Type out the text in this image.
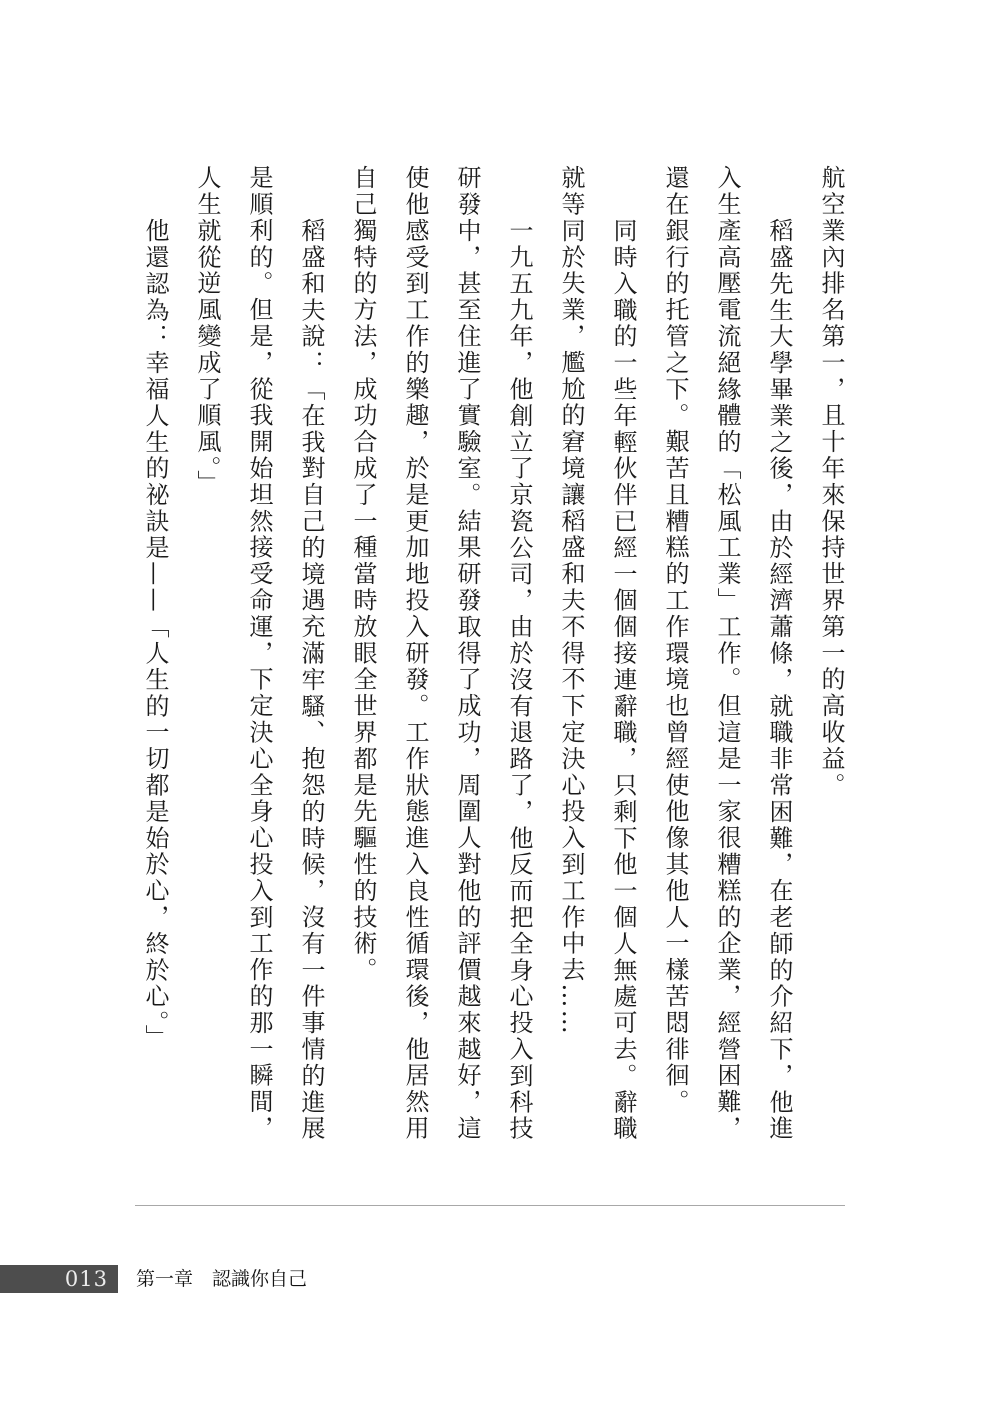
航空業內排名第一，且十年來保持世界第一的高收益。
稻盛先生大學畢業之後，由於經濟蕭條，就職非常困難，在老師的介紹下，他進
入生產高壓電流絕緣體的「松風工業」工作。但這是一家很糟糕的企業，經營困難，
還在銀行的托管之下。艱苦且糟糕的工作環境也曾經使他像其他人一樣苦悶徘徊。
同時入職的一些年輕伙伴已經一個個接連辭職，只剩下他一個人無處可去。辭職
就等同於失業，尷尬的窘境讓稻盛和夫不得不下定決心投入到工作中去……
一九五九年，他創立了京瓷公司，由於沒有退路了，他反而把全身心投入到科技
研發中，甚至住進了實驗室。結果研發取得了成功，周圍人對他的評價越來越好，這
使他感受到工作的樂趣，於是更加地投入研發。工作狀態進入良性循環後，他居然用
自己獨特的方法，成功合成了一種當時放眼全世界都是先驅性的技術。
稻盛和夫說：「在我對自己的境遇充滿牢騷、抱怨的時候，沒有一件事情的進展
是順利的。但是，從我開始坦然接受命運，下定決心全身心投入到工作的那一瞬間，
人生就從逆風變成了順風。」
他還認為：幸福人生的祕訣是——「人生的一切都是始於心，終於心。」
013 第一章 認識你自己
